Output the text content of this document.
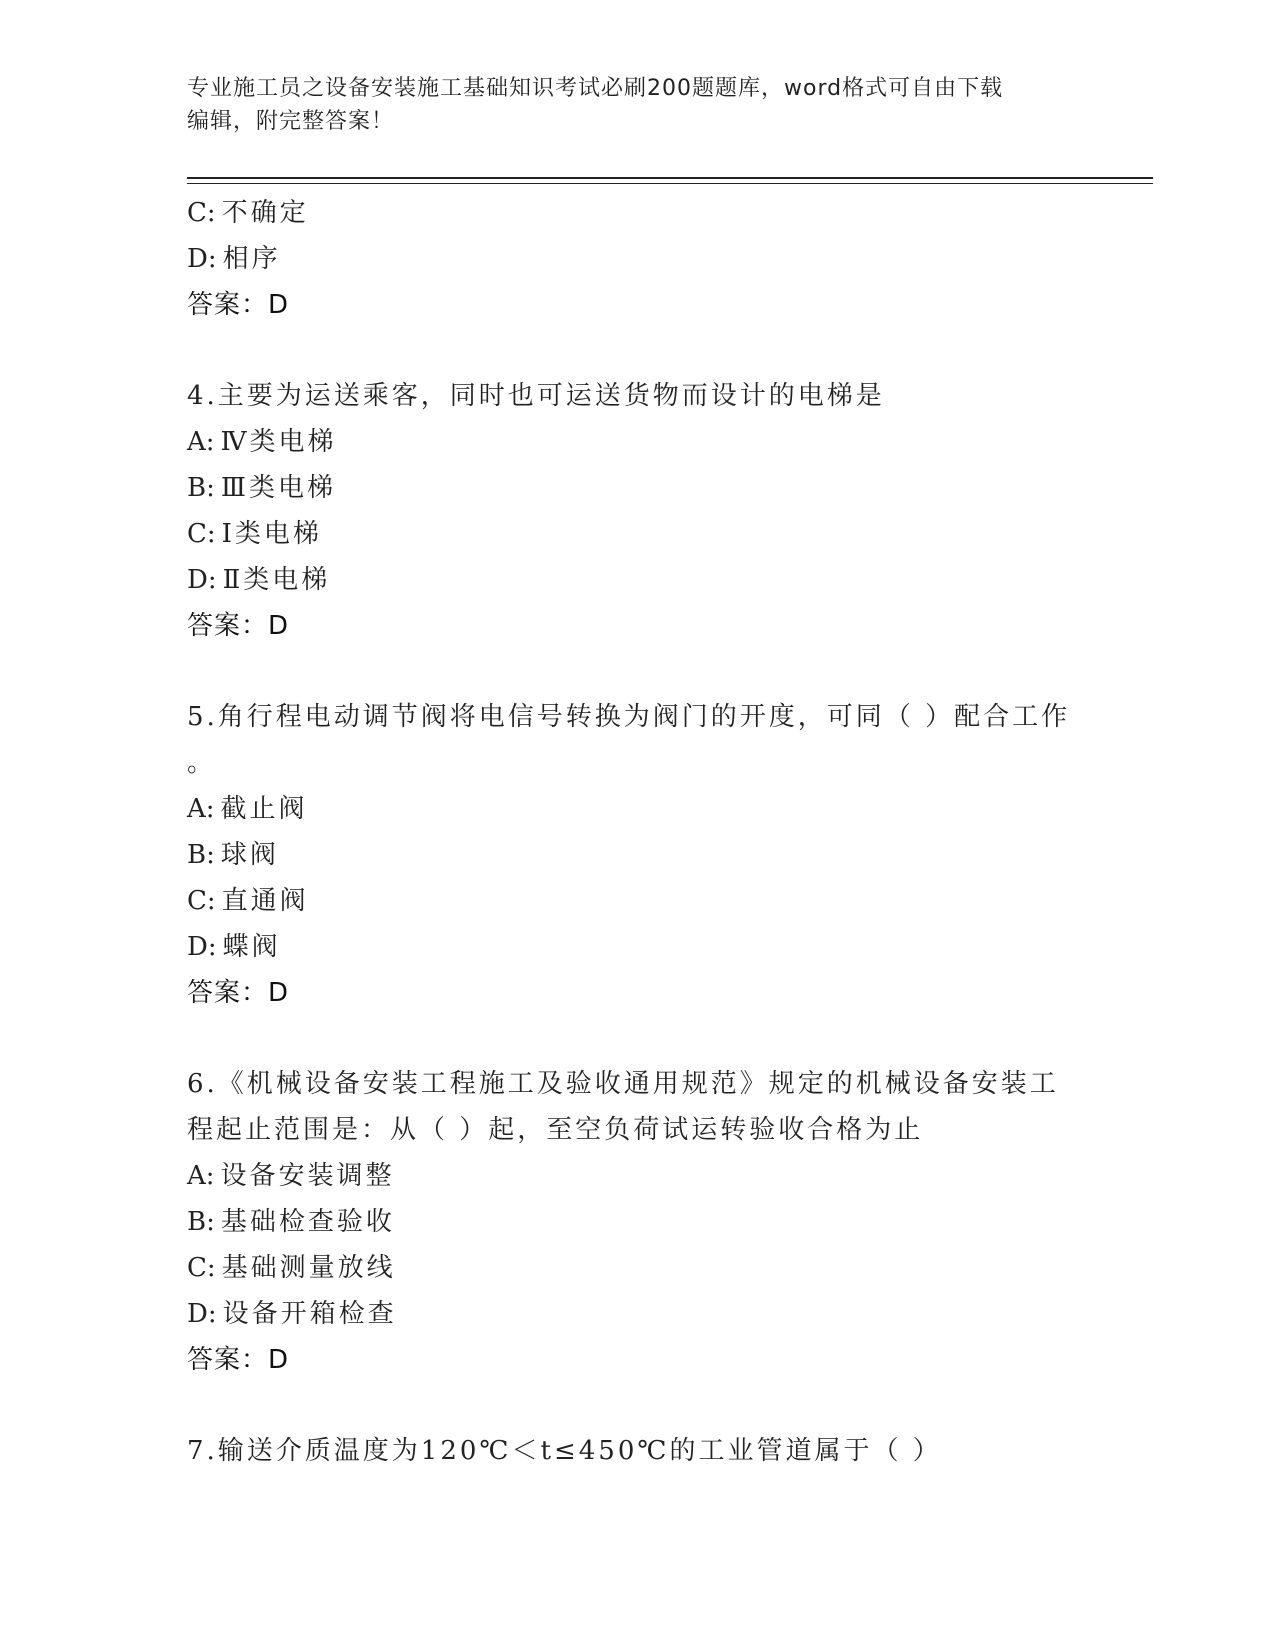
专业施工员之设备安装施工基础知识考试必刷200题题库，word格式可自由下载
编辑，附完整答案！
C: 不确定
D: 相序
答案：D
4.主要为运送乘客，同时也可运送货物而设计的电梯是
A: Ⅳ类电梯
B: Ⅲ类电梯
C: Ⅰ类电梯
D: Ⅱ类电梯
答案：D
5.角行程电动调节阀将电信号转换为阀门的开度，可同（ ）配合工作
。
A: 截止阀
B: 球阀
C: 直通阀
D: 蝶阀
答案：D
6.《机械设备安装工程施工及验收通用规范》规定的机械设备安装工
程起止范围是：从（ ）起，至空负荷试运转验收合格为止
A: 设备安装调整
B: 基础检查验收
C: 基础测量放线
D: 设备开箱检查
答案：D
7.输送介质温度为120℃＜t≤450℃的工业管道属于（ ）
